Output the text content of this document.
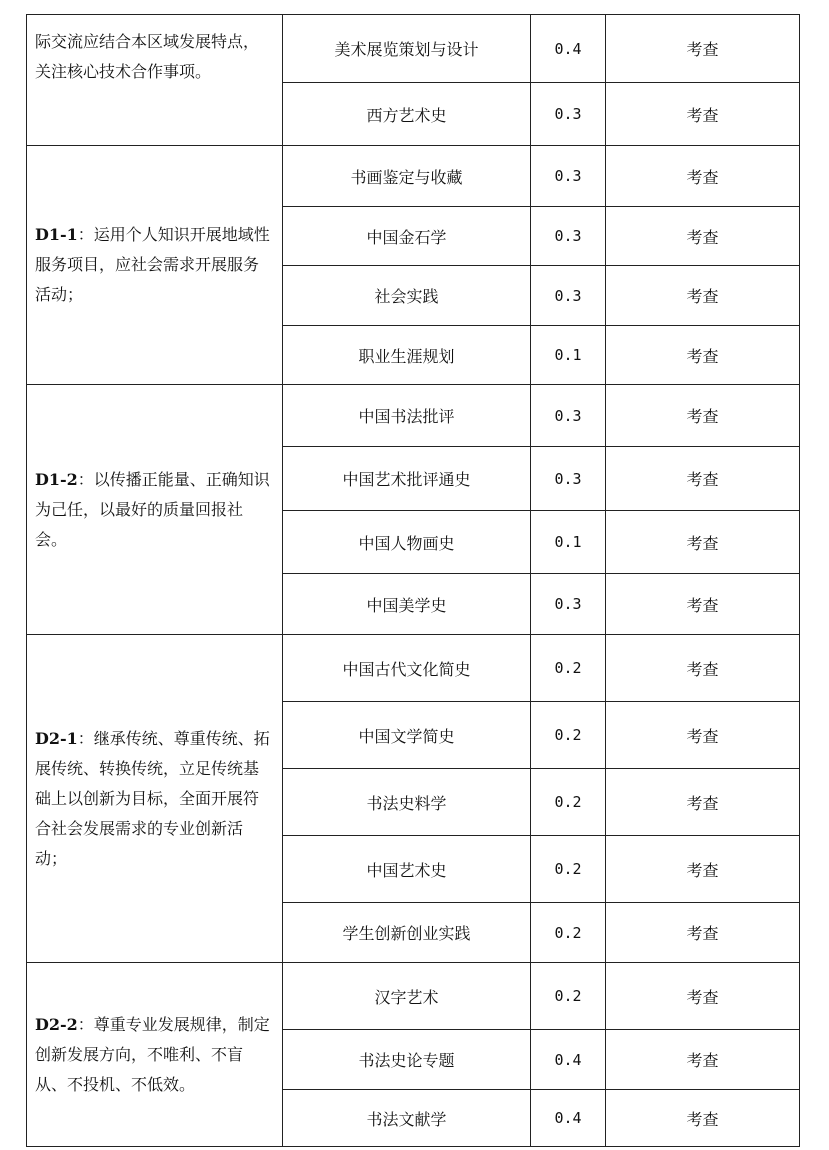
际交流应结合本区域发展特点，关注核心技术合作事项。	美术展览策划与设计	0.4	考查
	西方艺术史	0.3	考查
D1-1：运用个人知识开展地域性服务项目，应社会需求开展服务活动；	书画鉴定与收藏	0.3	考查
	中国金石学	0.3	考查
	社会实践	0.3	考查
	职业生涯规划	0.1	考查
D1-2：以传播正能量、正确知识为己任，以最好的质量回报社会。	中国书法批评	0.3	考查
	中国艺术批评通史	0.3	考查
	中国人物画史	0.1	考查
	中国美学史	0.3	考查
D2-1：继承传统、尊重传统、拓展传统、转换传统，立足传统基础上以创新为目标，全面开展符合社会发展需求的专业创新活动；	中国古代文化简史	0.2	考查
	中国文学简史	0.2	考查
	书法史料学	0.2	考查
	中国艺术史	0.2	考查
	学生创新创业实践	0.2	考查
D2-2：尊重专业发展规律，制定创新发展方向，不唯利、不盲从、不投机、不低效。	汉字艺术	0.2	考查
	书法史论专题	0.4	考查
	书法文献学	0.4	考查
